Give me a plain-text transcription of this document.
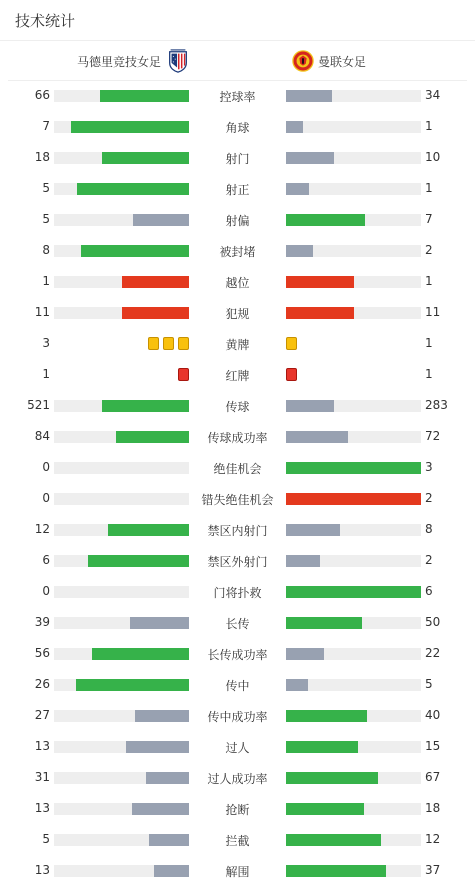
技术统计
马德里竞技女足	曼联女足
66	控球率	34
7	角球	1
18	射门	10
5	射正	1
5	射偏	7
8	被封堵	2
1	越位	1
11	犯规	11
3	黄牌	1
1	红牌	1
521	传球	283
84	传球成功率	72
0	绝佳机会	3
0	错失绝佳机会	2
12	禁区内射门	8
6	禁区外射门	2
0	门将扑救	6
39	长传	50
56	长传成功率	22
26	传中	5
27	传中成功率	40
13	过人	15
31	过人成功率	67
13	抢断	18
5	拦截	12
13	解围	37
